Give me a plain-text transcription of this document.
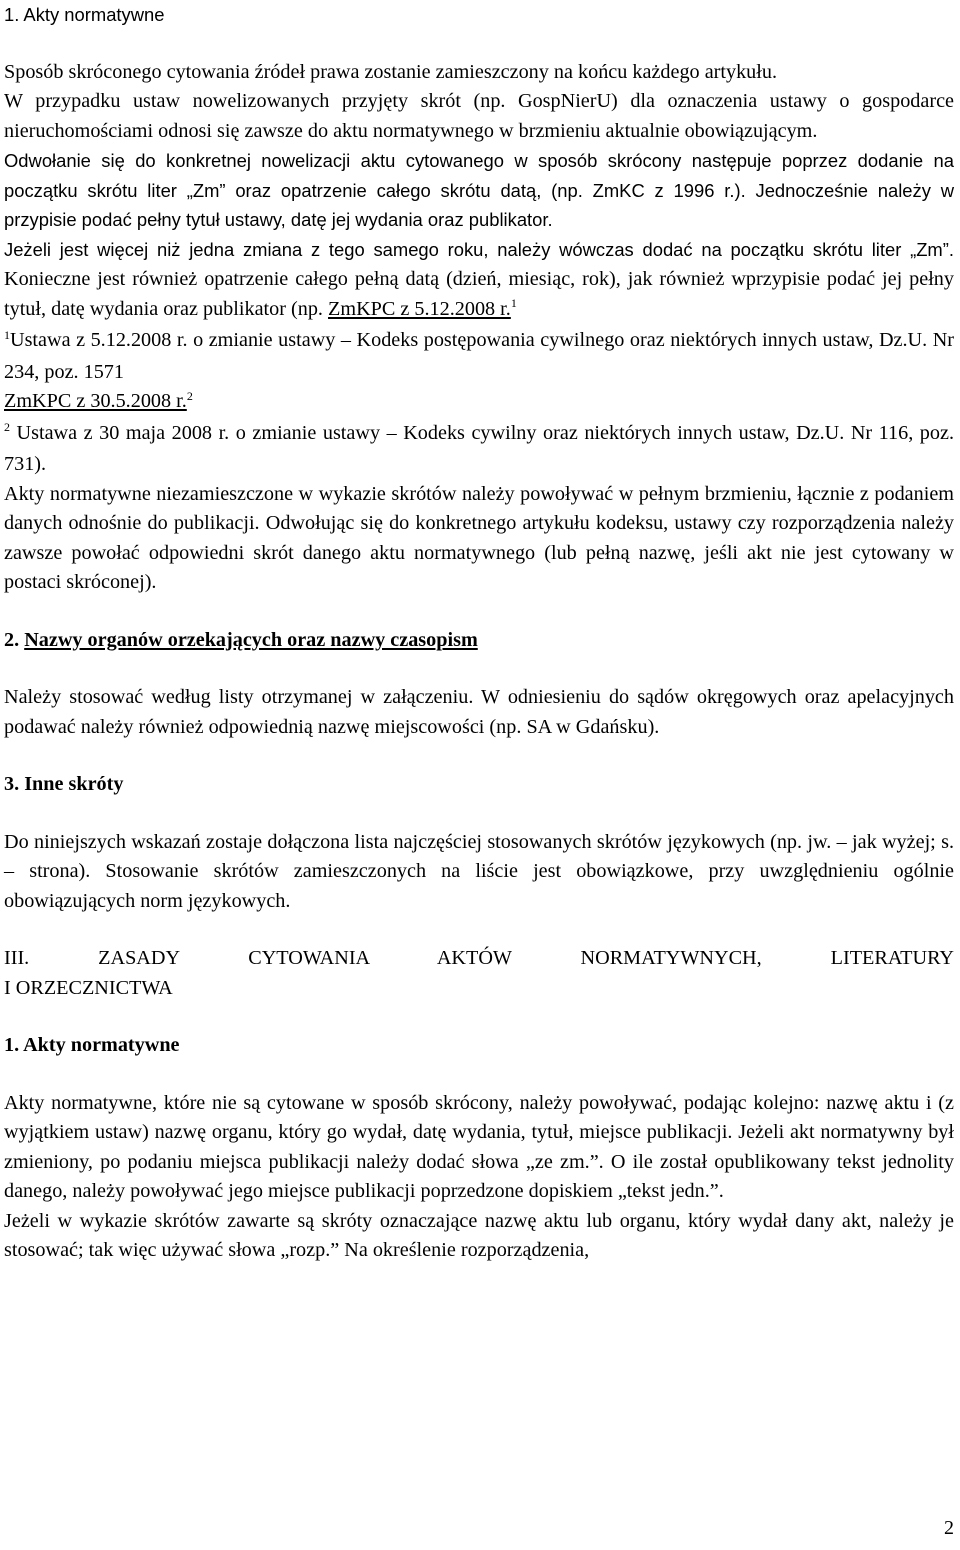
1. Akty normatywne

Sposób skróconego cytowania źródeł prawa zostanie zamieszczony na końcu każdego artykułu.

W przypadku ustaw nowelizowanych przyjęty skrót (np. GospNierU) dla oznaczenia ustawy o gospodarce nieruchomościami odnosi się zawsze do aktu normatywnego w brzmieniu aktualnie obowiązującym.

Odwołanie się do konkretnej nowelizacji aktu cytowanego w sposób skrócony następuje poprzez dodanie na początku skrótu liter „Zm” oraz opatrzenie całego skrótu datą, (np. ZmKC z 1996 r.). Jednocześnie należy w przypisie podać pełny tytuł ustawy, datę jej wydania oraz publikator.

Jeżeli jest więcej niż jedna zmiana z tego samego roku, należy wówczas dodać na początku skrótu liter „Zm”. Konieczne jest również opatrzenie całego pełną datą (dzień, miesiąc, rok), jak również wprzypisie podać jej pełny tytuł, datę wydania oraz publikator (np. ZmKPC z 5.12.2008 r.$^1$

$^1$Ustawa z 5.12.2008 r. o zmianie ustawy – Kodeks postępowania cywilnego oraz niektórych innych ustaw, Dz.U. Nr 234, poz. 1571

ZmKPC z 30.5.2008 r.$^2$

$^2$ Ustawa z 30 maja 2008 r. o zmianie ustawy – Kodeks cywilny oraz niektórych innych ustaw, Dz.U. Nr 116, poz. 731).

Akty normatywne niezamieszczone w wykazie skrótów należy powoływać w pełnym brzmieniu, łącznie z podaniem danych odnośnie do publikacji. Odwołując się do konkretnego artykułu kodeksu, ustawy czy rozporządzenia należy zawsze powołać odpowiedni skrót danego aktu normatywnego (lub pełną nazwę, jeśli akt nie jest cytowany w postaci skróconej).

2. Nazwy organów orzekających oraz nazwy czasopism

Należy stosować według listy otrzymanej w załączeniu. W odniesieniu do sądów okręgowych oraz apelacyjnych podawać należy również odpowiednią nazwę miejscowości (np. SA w Gdańsku).

3. Inne skróty

Do niniejszych wskazań zostaje dołączona lista najczęściej stosowanych skrótów językowych (np. jw. – jak wyżej; s. – strona). Stosowanie skrótów zamieszczonych na liście jest obowiązkowe, przy uwzględnieniu ogólnie obowiązujących norm językowych.

III. ZASADY CYTOWANIA AKTÓW NORMATYWNYCH, LITERATURY

I ORZECZNICTWA

1. Akty normatywne

Akty normatywne, które nie są cytowane w sposób skrócony, należy powoływać, podając kolejno: nazwę aktu i (z wyjątkiem ustaw) nazwę organu, który go wydał, datę wydania, tytuł, miejsce publikacji. Jeżeli akt normatywny był zmieniony, po podaniu miejsca publikacji należy dodać słowa „ze zm.”. O ile został opublikowany tekst jednolity danego, należy powoływać jego miejsce publikacji poprzedzone dopiskiem „tekst jedn.”.

Jeżeli w wykazie skrótów zawarte są skróty oznaczające nazwę aktu lub organu, który wydał dany akt, należy je stosować; tak więc używać słowa „rozp.” Na określenie rozporządzenia,

2
